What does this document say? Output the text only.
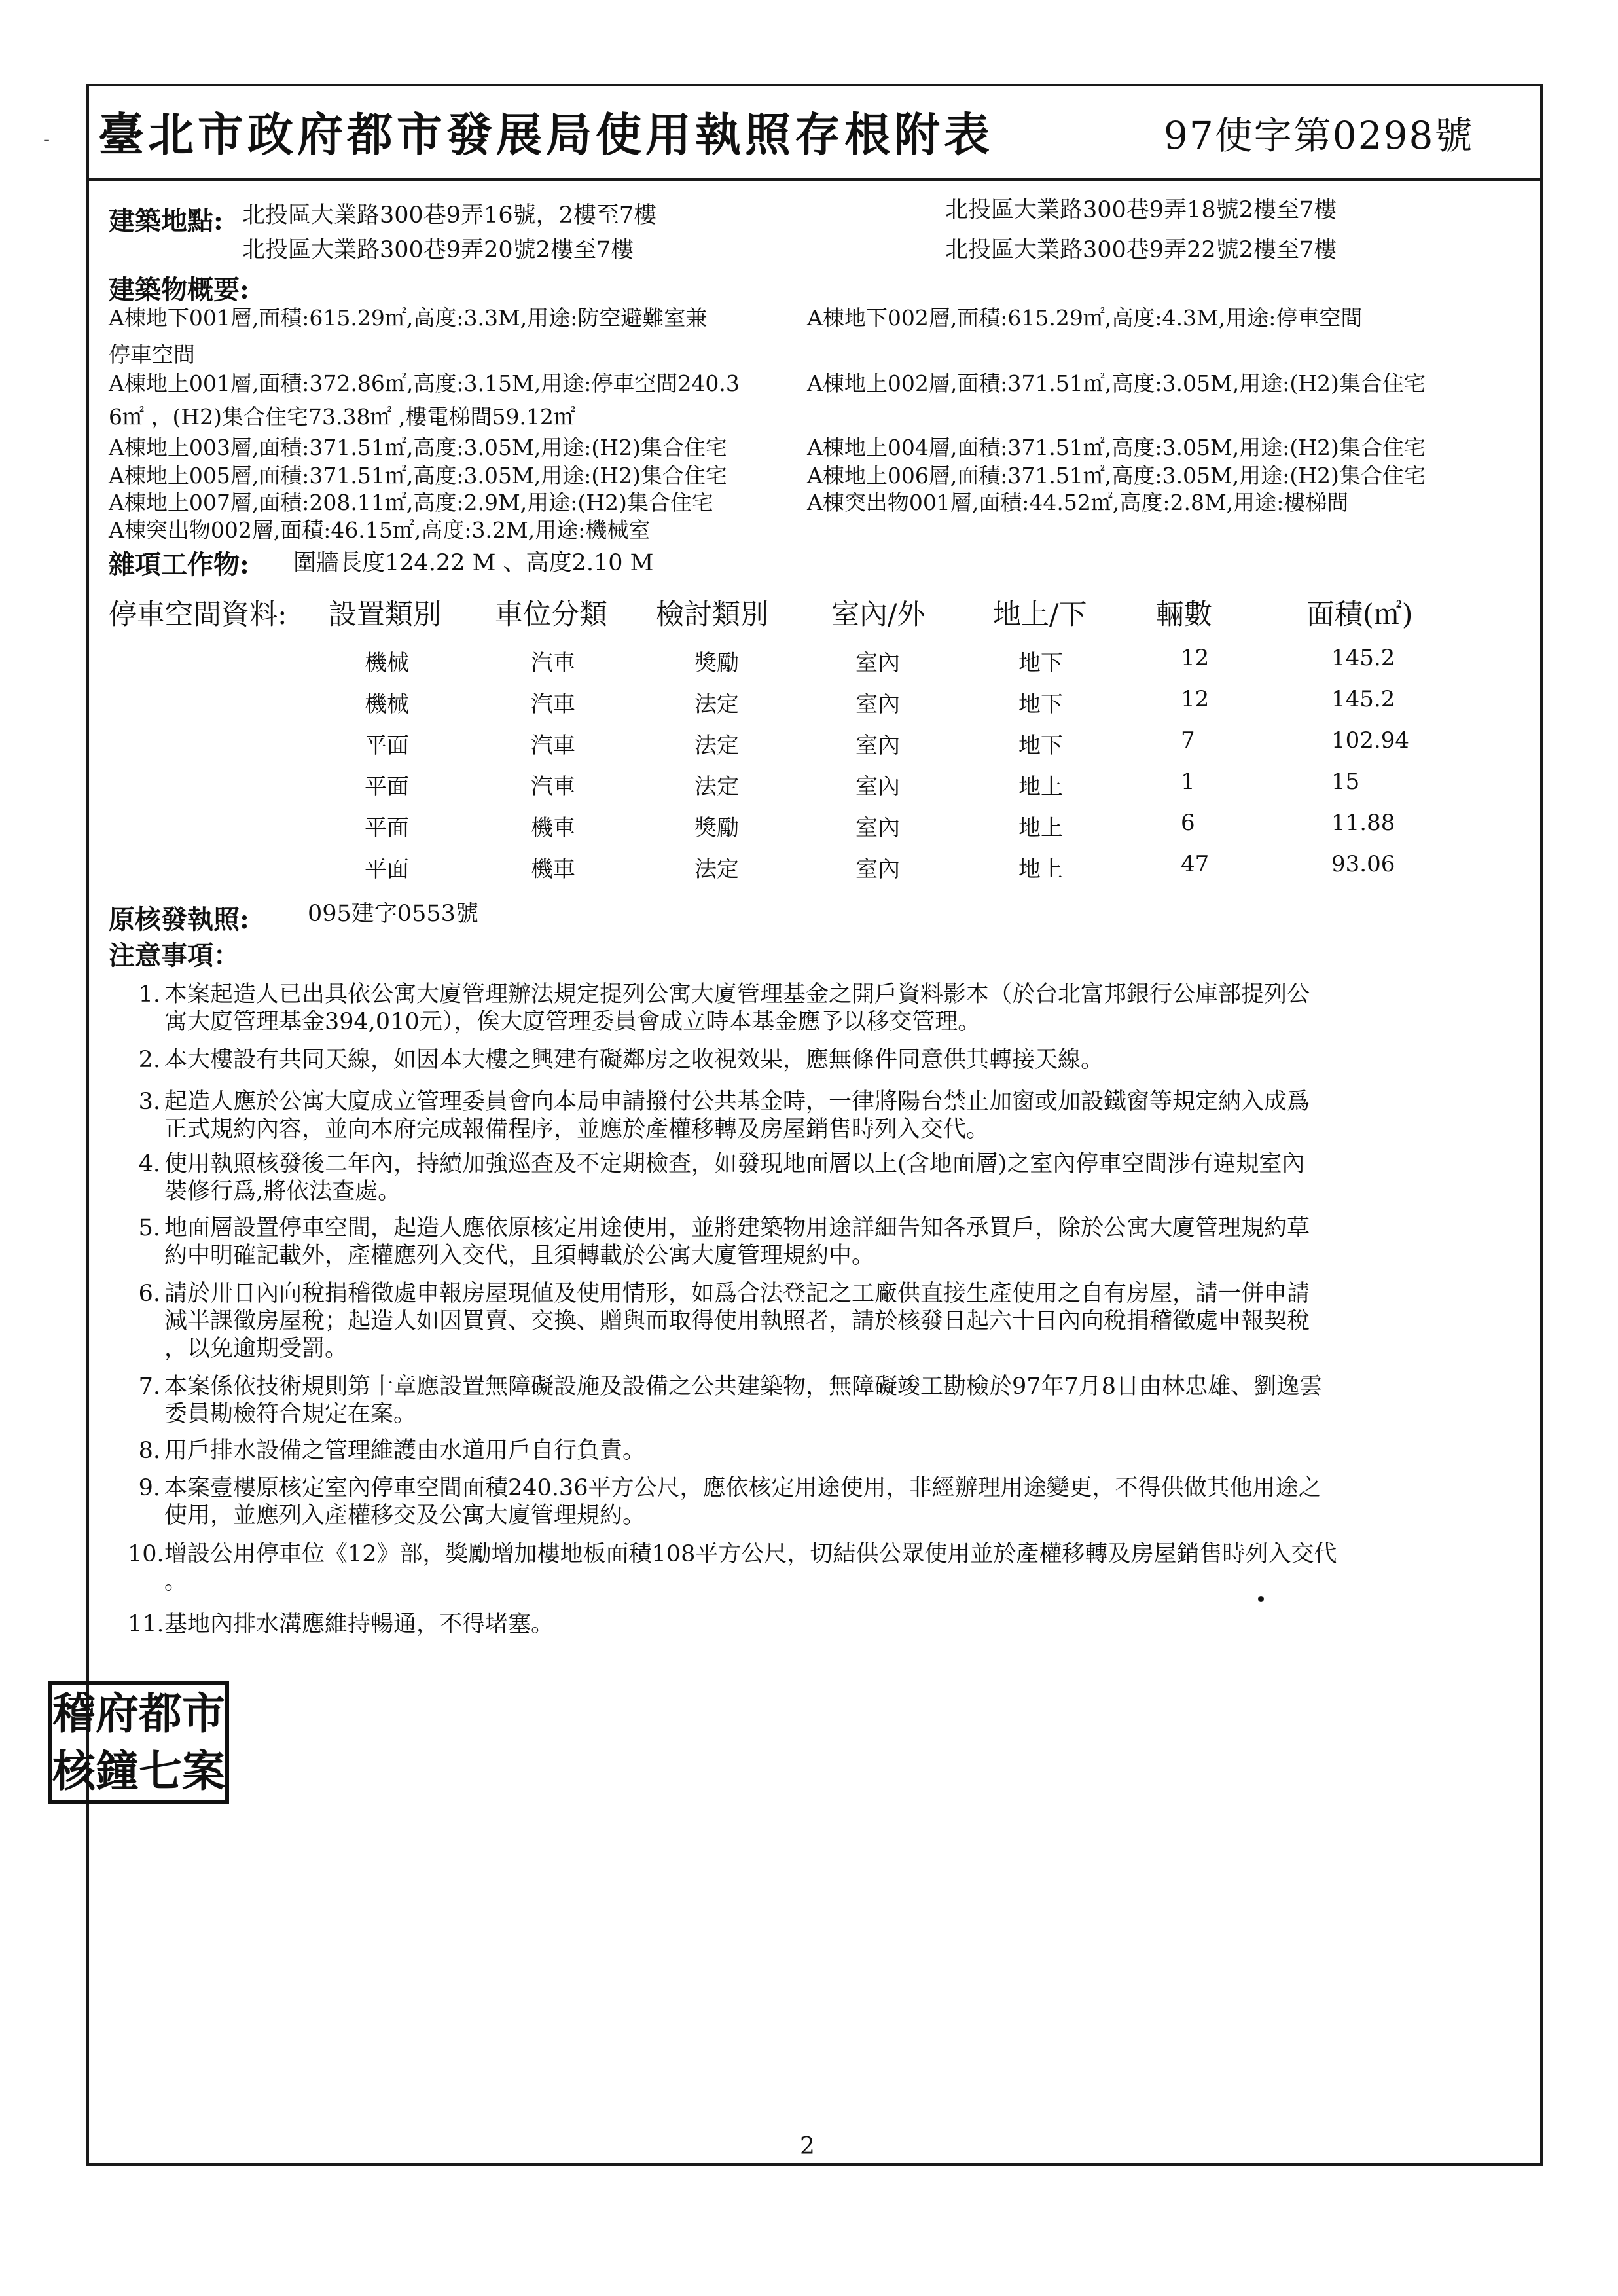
- 臺北市政府都市發展局使用執照存根附表	97使字第0298號
建築地點: 北投區大業路300巷9弄16號，2樓至7樓	北投區大業路300巷9弄18號2樓至7樓
北投區大業路300巷9弄20號2樓至7樓	北投區大業路300巷9弄22號2樓至7樓
建築物概要:
A棟地下001層,面積:615.29㎡,高度:3.3M,用途:防空避難室兼	A棟地下002層,面積:615.29㎡,高度:4.3M,用途:停車空間
停車空間
A棟地上001層,面積:372.86㎡,高度:3.15M,用途:停車空間240.3	A棟地上002層,面積:371.51㎡,高度:3.05M,用途:(H2)集合住宅
6㎡ ，(H2)集合住宅73.38㎡ ,樓電梯間59.12㎡
A棟地上003層,面積:371.51㎡,高度:3.05M,用途:(H2)集合住宅	A棟地上004層,面積:371.51㎡,高度:3.05M,用途:(H2)集合住宅
A棟地上005層,面積:371.51㎡,高度:3.05M,用途:(H2)集合住宅	A棟地上006層,面積:371.51㎡,高度:3.05M,用途:(H2)集合住宅
A棟地上007層,面積:208.11㎡,高度:2.9M,用途:(H2)集合住宅	A棟突出物001層,面積:44.52㎡,高度:2.8M,用途:樓梯間
A棟突出物002層,面積:46.15㎡,高度:3.2M,用途:機械室
雜項工作物: 圍牆長度124.22 M 、高度2.10 M
停車空間資料: 設置類別 車位分類 檢討類別 室內/外 地上/下 輛數	面積(㎡)
機械	汽車	獎勵	室內	地下	12	145.2
機械	汽車	法定	室內	地下	12	145.2
平面	汽車	法定	室內	地下	7	102.94
平面	汽車	法定	室內	地上	1	15
平面	機車	獎勵	室內	地上	6	11.88
平面	機車	法定	室內	地上	47	93.06
原核發執照:	095建字0553號
注意事項：
1. 本案起造人已出具依公寓大廈管理辦法規定提列公寓大廈管理基金之開戶資料影本（於台北富邦銀行公庫部提列公
寓大廈管理基金394,010元），俟大廈管理委員會成立時本基金應予以移交管理。
2. 本大樓設有共同天線，如因本大樓之興建有礙鄰房之收視效果，應無條件同意供其轉接天線。
3. 起造人應於公寓大廈成立管理委員會向本局申請撥付公共基金時，一律將陽台禁止加窗或加設鐵窗等規定納入成爲
正式規約內容，並向本府完成報備程序，並應於產權移轉及房屋銷售時列入交代。
4. 使用執照核發後二年內，持續加強巡查及不定期檢查，如發現地面層以上(含地面層)之室內停車空間涉有違規室內
裝修行爲,將依法查處。
5. 地面層設置停車空間，起造人應依原核定用途使用，並將建築物用途詳細告知各承買戶，除於公寓大廈管理規約草
約中明確記載外，產權應列入交代，且須轉載於公寓大廈管理規約中。
6. 請於卅日內向稅捐稽徵處申報房屋現値及使用情形，如爲合法登記之工廠供直接生產使用之自有房屋，請一併申請
減半課徵房屋稅；起造人如因買賣、交換、贈與而取得使用執照者，請於核發日起六十日內向稅捐稽徵處申報契稅
，以免逾期受罰。
7. 本案係依技術規則第十章應設置無障礙設施及設備之公共建築物，無障礙竣工勘檢於97年7月8日由林忠雄、劉逸雲
委員勘檢符合規定在案。
8. 用戶排水設備之管理維護由水道用戶自行負責。
9. 本案壹樓原核定室內停車空間面積240.36平方公尺，應依核定用途使用，非經辦理用途變更，不得供做其他用途之
使用，並應列入產權移交及公寓大廈管理規約。
10. 增設公用停車位《12》部，獎勵增加樓地板面積108平方公尺，切結供公眾使用並於產權移轉及房屋銷售時列入交代
。
11. 基地內排水溝應維持暢通，不得堵塞。
稽 府 都 市
核 鐘 七 案
2
